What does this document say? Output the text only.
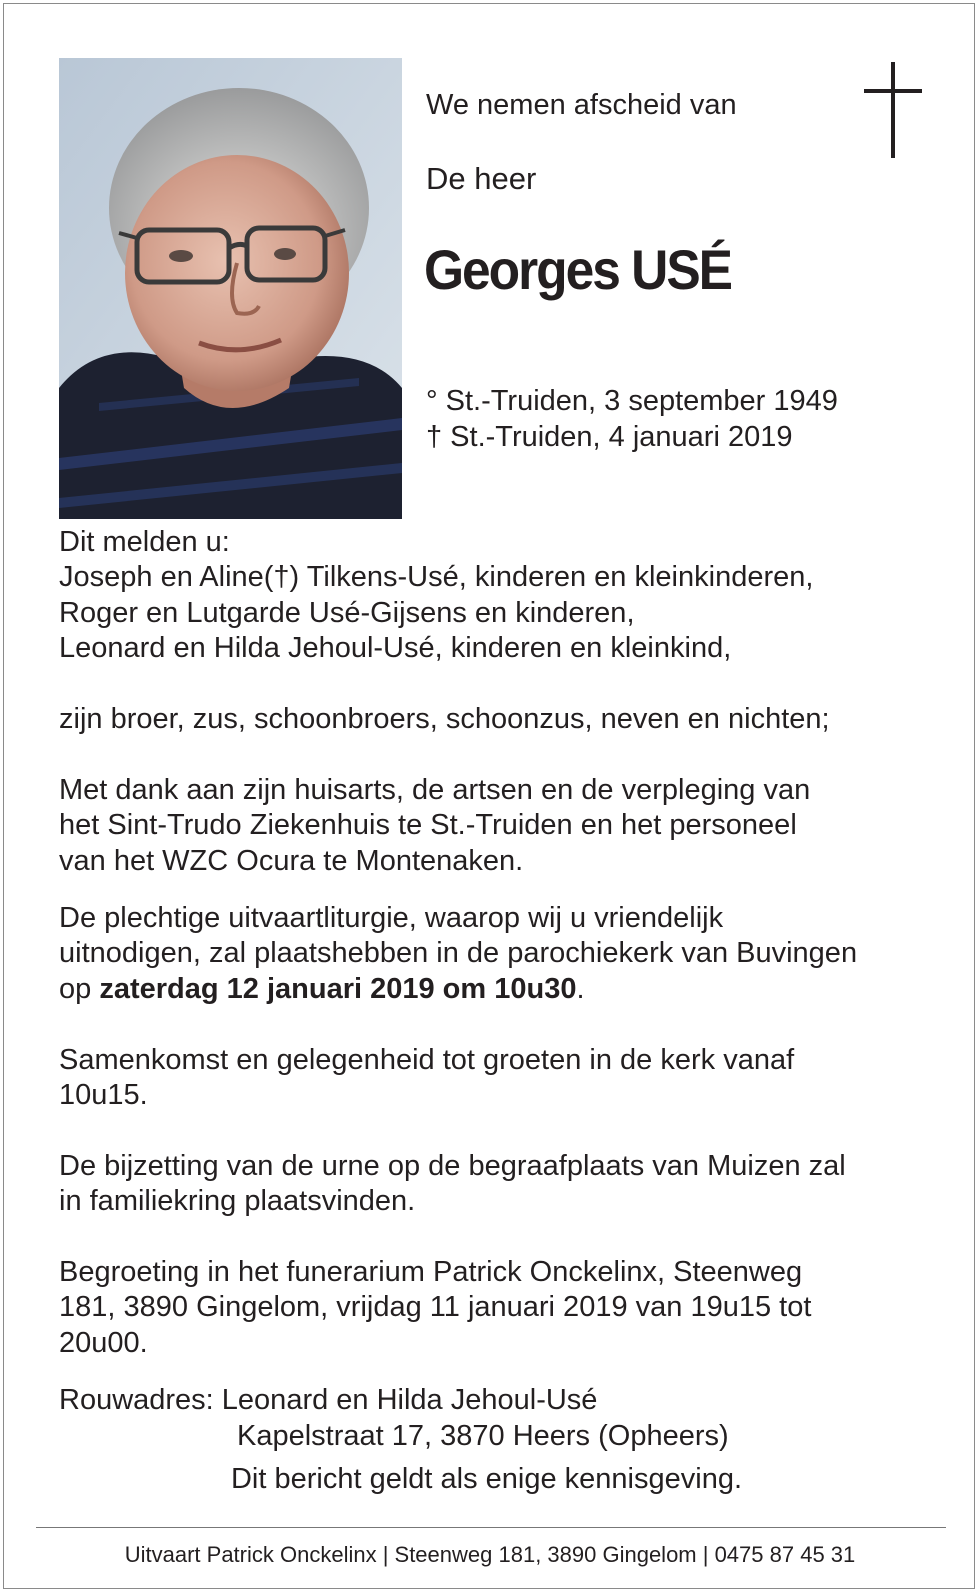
We nemen afscheid van
De heer
Georges USÉ
° St.-Truiden, 3 september 1949
† St.-Truiden, 4 januari 2019
Dit melden u:
Joseph en Aline(†) Tilkens-Usé, kinderen en kleinkinderen,
Roger en Lutgarde Usé-Gijsens en kinderen,
Leonard en Hilda Jehoul-Usé, kinderen en kleinkind,
zijn broer, zus, schoonbroers, schoonzus, neven en nichten;
Met dank aan zijn huisarts, de artsen en de verpleging van
het Sint-Trudo Ziekenhuis te St.-Truiden en het personeel
van het WZC Ocura te Montenaken.
De plechtige uitvaartliturgie, waarop wij u vriendelijk
uitnodigen, zal plaatshebben in de parochiekerk van Buvingen
op zaterdag 12 januari 2019 om 10u30.
Samenkomst en gelegenheid tot groeten in de kerk vanaf
10u15.
De bijzetting van de urne op de begraafplaats van Muizen zal
in familiekring plaatsvinden.
Begroeting in het funerarium Patrick Onckelinx, Steenweg
181, 3890 Gingelom, vrijdag 11 januari 2019 van 19u15 tot
20u00.
Rouwadres: Leonard en Hilda Jehoul-Usé
Kapelstraat 17, 3870 Heers (Opheers)
Dit bericht geldt als enige kennisgeving.
Uitvaart Patrick Onckelinx | Steenweg 181, 3890 Gingelom | 0475 87 45 31
